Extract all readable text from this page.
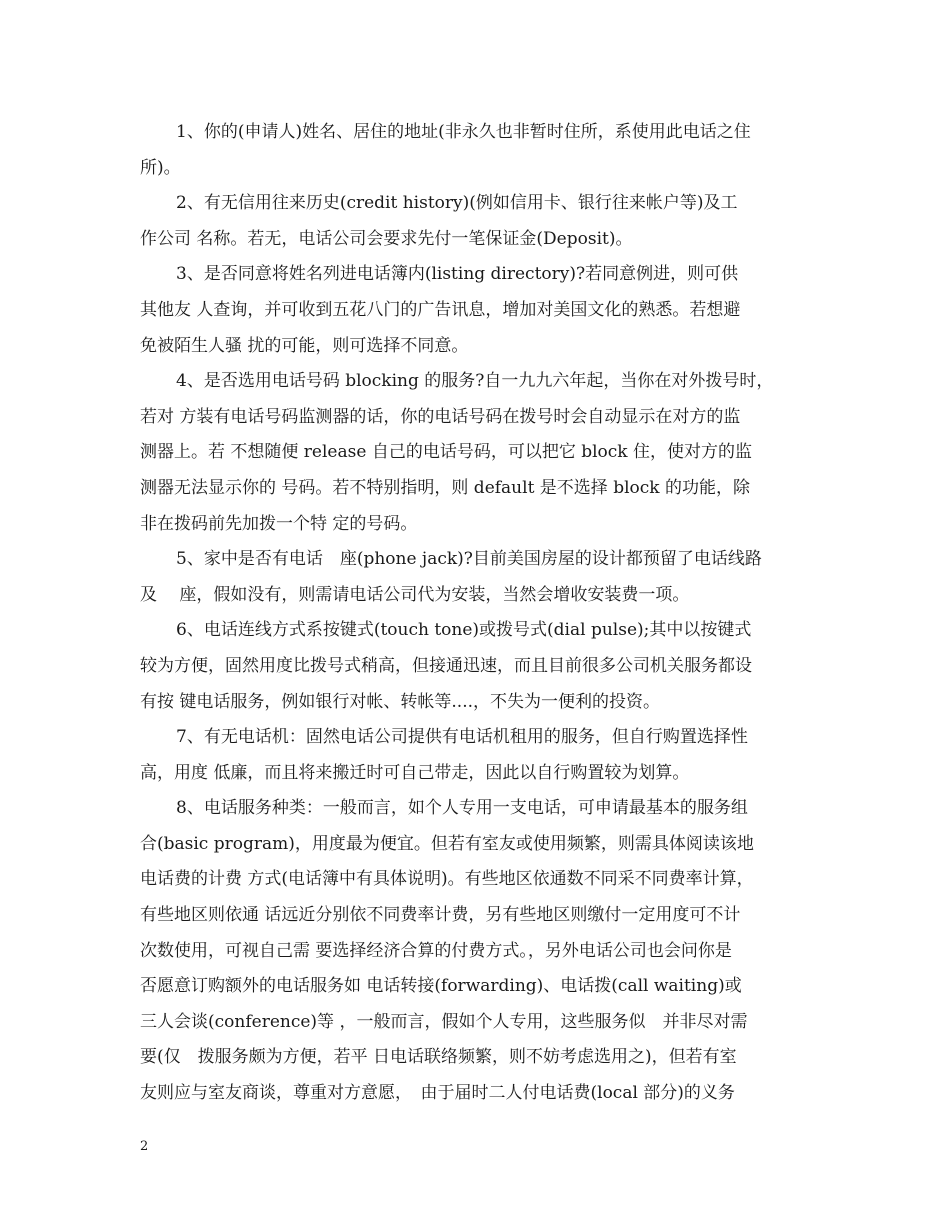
1、你的(申请人)姓名、居住的地址(非永久也非暂时住所，系使用此电话之住
所)。
2、有无信用往来历史(credit history)(例如信用卡、银行往来帐户等)及工
作公司 名称。若无，电话公司会要求先付一笔保证金(Deposit)。
3、是否同意将姓名列进电话簿内(listing directory)?若同意例进，则可供
其他友 人查询，并可收到五花八门的广告讯息，增加对美国文化的熟悉。若想避
免被陌生人骚 扰的可能，则可选择不同意。
4、是否选用电话号码 blocking 的服务?自一九九六年起，当你在对外拨号时，
若对 方装有电话号码监测器的话，你的电话号码在拨号时会自动显示在对方的监
测器上。若 不想随便 release 自己的电话号码，可以把它 block 住，使对方的监
测器无法显示你的 号码。若不特别指明，则 default 是不选择 block 的功能，除
非在拨码前先加拨一个特 定的号码。
5、家中是否有电话　座(phone jack)?目前美国房屋的设计都预留了电话线路
及　 座，假如没有，则需请电话公司代为安装，当然会增收安装费一项。
6、电话连线方式系按键式(touch tone)或拨号式(dial pulse);其中以按键式
较为方便，固然用度比拨号式稍高，但接通迅速，而且目前很多公司机关服务都设
有按 键电话服务，例如银行对帐、转帐等....，不失为一便利的投资。
7、有无电话机：固然电话公司提供有电话机租用的服务，但自行购置选择性
高，用度 低廉，而且将来搬迁时可自己带走，因此以自行购置较为划算。
8、电话服务种类：一般而言，如个人专用一支电话，可申请最基本的服务组
合(basic program)，用度最为便宜。但若有室友或使用频繁，则需具体阅读该地
电话费的计费 方式(电话簿中有具体说明)。有些地区依通数不同采不同费率计算，
有些地区则依通 话远近分别依不同费率计费，另有些地区则缴付一定用度可不计
次数使用，可视自己需 要选择经济合算的付费方式。，另外电话公司也会问你是
否愿意订购额外的电话服务如 电话转接(forwarding)、电话拨(call waiting)或
三人会谈(conference)等 ，一般而言，假如个人专用，这些服务似　并非尽对需
要(仅　拨服务颇为方便，若平 日电话联络频繁，则不妨考虑选用之)，但若有室
友则应与室友商谈，尊重对方意愿，　由于届时二人付电话费(local 部分)的义务
2
